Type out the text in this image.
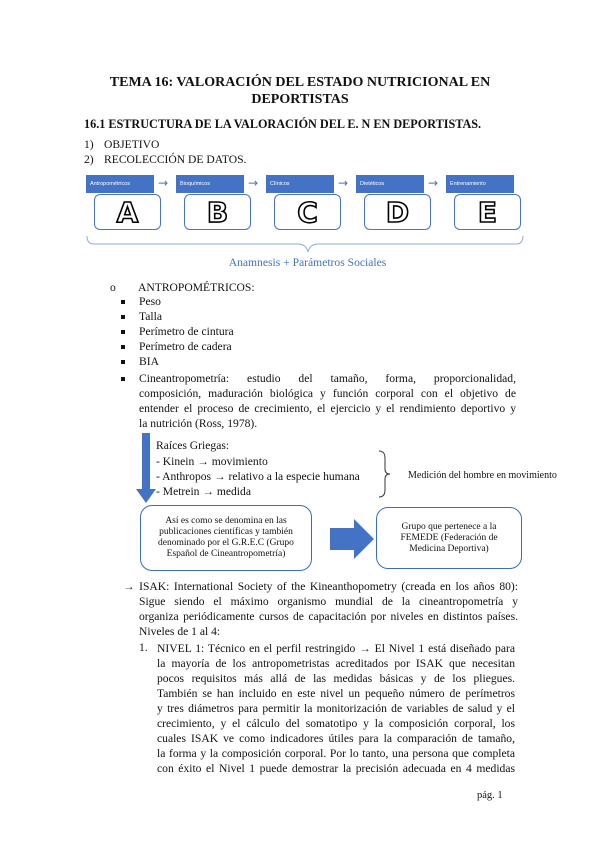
TEMA 16: VALORACIÓN DEL ESTADO NUTRICIONAL EN
DEPORTISTAS
16.1 ESTRUCTURA DE LA VALORACIÓN DEL E. N EN DEPORTISTAS.
1) OBJETIVO
2) RECOLECCIÓN DE DATOS.
Antropométricos
A
→	Bioquímicos
B
→	Clínicos
C
→	Dietéticos
D
→	Entrenamiento
E
Anamnesis + Parámetros Sociales
o ANTROPOMÉTRICOS:
Peso
Talla
Perímetro de cintura
Perímetro de cadera
BIA
Cineantropometría: estudio del tamaño, forma, proporcionalidad,
composición, maduración biológica y función corporal con el objetivo de
entender el proceso de crecimiento, el ejercicio y el rendimiento deportivo y
la nutrición (Ross, 1978).
Raíces Griegas:
- Kinein → movimiento
- Anthropos → relativo a la especie humana
- Metrein → medida
Medición del hombre en movimiento
Así es como se denomina en las publicaciones científicas y también denominado por el G.R.E.C (Grupo Español de Cineantropometría)
Grupo que pertenece a la FEMEDE (Federación de Medicina Deportiva)
→ ISAK: International Society of the Kineanthopometry (creada en los años 80):
Sigue siendo el máximo organismo mundial de la cineantropometría y
organiza periódicamente cursos de capacitación por niveles en distintos países.
Niveles de 1 al 4:
1. NIVEL 1: Técnico en el perfil restringido → El Nivel 1 está diseñado para
la mayoría de los antropometristas acreditados por ISAK que necesitan
pocos requisitos más allá de las medidas básicas y de los pliegues.
También se han incluido en este nivel un pequeño número de perímetros
y tres diámetros para permitir la monitorización de variables de salud y el
crecimiento, y el cálculo del somatotipo y la composición corporal, los
cuales ISAK ve como indicadores útiles para la comparación de tamaño,
la forma y la composición corporal. Por lo tanto, una persona que completa
con éxito el Nivel 1 puede demostrar la precisión adecuada en 4 medidas
pág. 1
